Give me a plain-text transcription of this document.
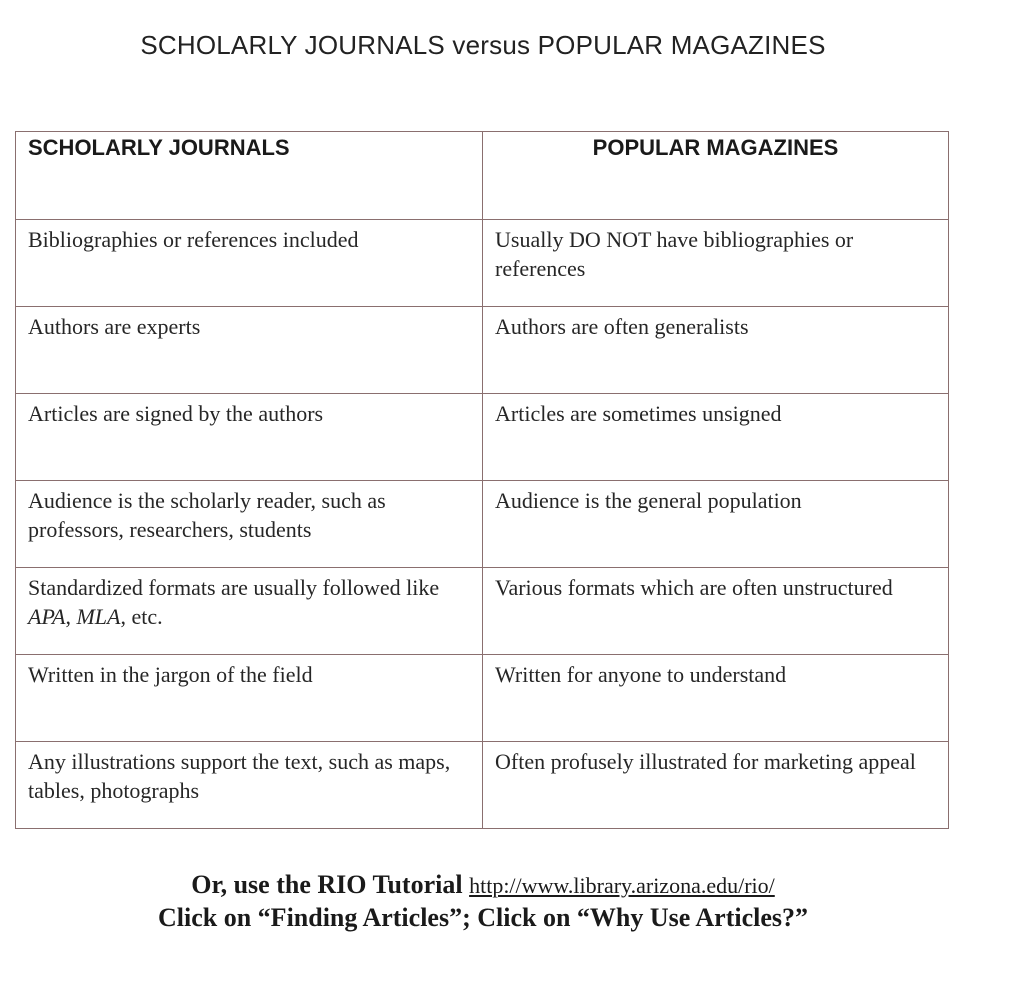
SCHOLARLY JOURNALS versus POPULAR MAGAZINES
SCHOLARLY JOURNALS	POPULAR MAGAZINES
Bibliographies or references included	Usually DO NOT have bibliographies or references
Authors are experts	Authors are often generalists
Articles are signed by the authors	Articles are sometimes unsigned
Audience is the scholarly reader, such as professors, researchers, students	Audience is the general population
Standardized formats are usually followed like APA, MLA, etc.	Various formats which are often unstructured
Written in the jargon of the field	Written for anyone to understand
Any illustrations support the text, such as maps, tables, photographs	Often profusely illustrated for marketing appeal
Or, use the RIO Tutorial http://www.library.arizona.edu/rio/
Click on “Finding Articles”; Click on “Why Use Articles?”
